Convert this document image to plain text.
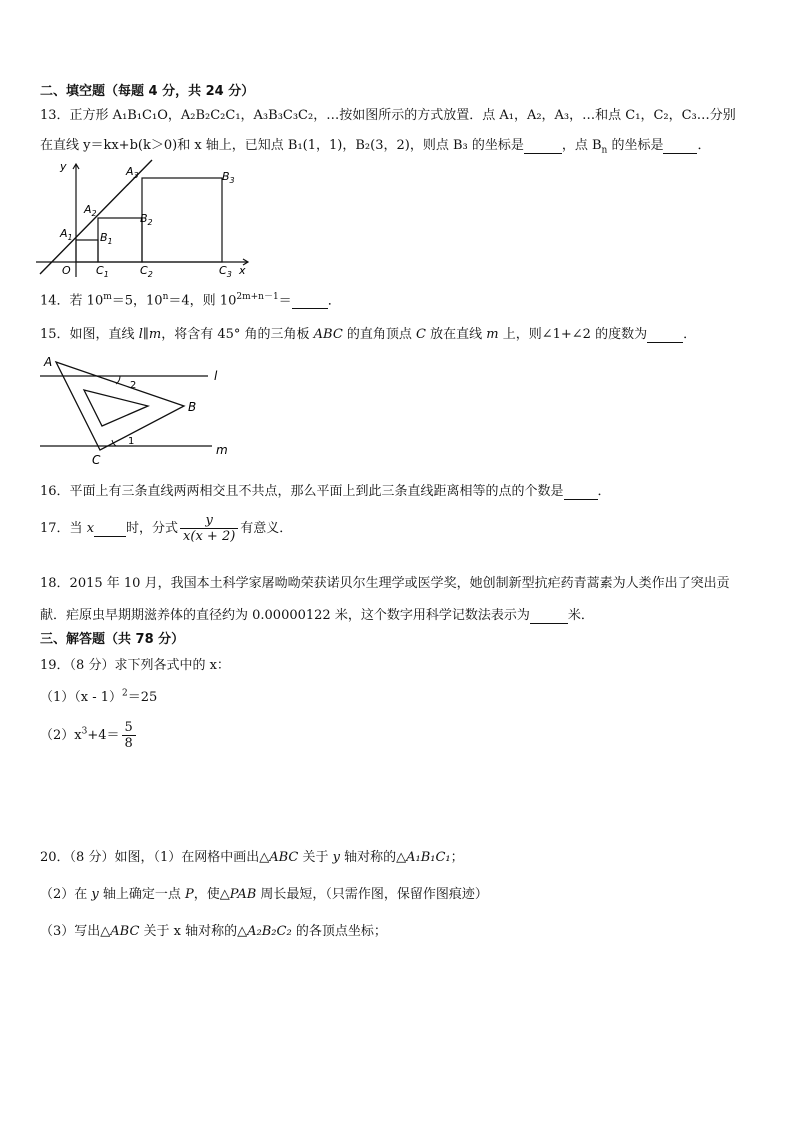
二、填空题（每题 4 分，共 24 分）
13．正方形 A₁B₁C₁O，A₂B₂C₂C₁，A₃B₃C₃C₂，…按如图所示的方式放置．点 A₁，A₂，A₃，…和点 C₁，C₂，C₃…分别
在直线 y＝kx+b(k＞0)和 x 轴上，已知点 B₁(1，1)，B₂(3，2)，则点 B₃ 的坐标是	，点 $B_n$ 的坐标是	．
y	$A_3$	$B_3$
$A_2$	$B_2$
$A_1$ $B_1$
O $C_1$	$C_2$	$C_3$ x
14．若 $10^m=5$，$10^n=4$，则 $10^{2m+n-1}=$	．
15．如图，直线 l∥m，将含有 45° 角的三角板 ABC 的直角顶点 C 放在直线 m 上，则∠1+∠2 的度数为	．
A
B
C
l
m
2
1
16．平面上有三条直线两两相交且不共点，那么平面上到此三条直线距离相等的点的个数是	．
17．当 x 时，分式 $\frac{y}{x(x + 2)}$ 有意义．
18．2015 年 10 月，我国本土科学家屠呦呦荣获诺贝尔生理学或医学奖，她创制新型抗疟药青蒿素为人类作出了突出贡
献．疟原虫早期期滋养体的直径约为 0.00000122 米，这个数字用科学记数法表示为	米．
三、解答题（共 78 分）
19．（8 分）求下列各式中的 x：
（1）（x - 1）$^2$＝25
$(2)x^3+4= \frac{5}{8}$
20．（8 分）如图，（1）在网格中画出△ABC 关于 y 轴对称的△A₁B₁C₁；
（2）在 y 轴上确定一点 P，使△PAB 周长最短，（只需作图，保留作图痕迹）
（3）写出△ABC 关于 x 轴对称的△A₂B₂C₂ 的各顶点坐标；
